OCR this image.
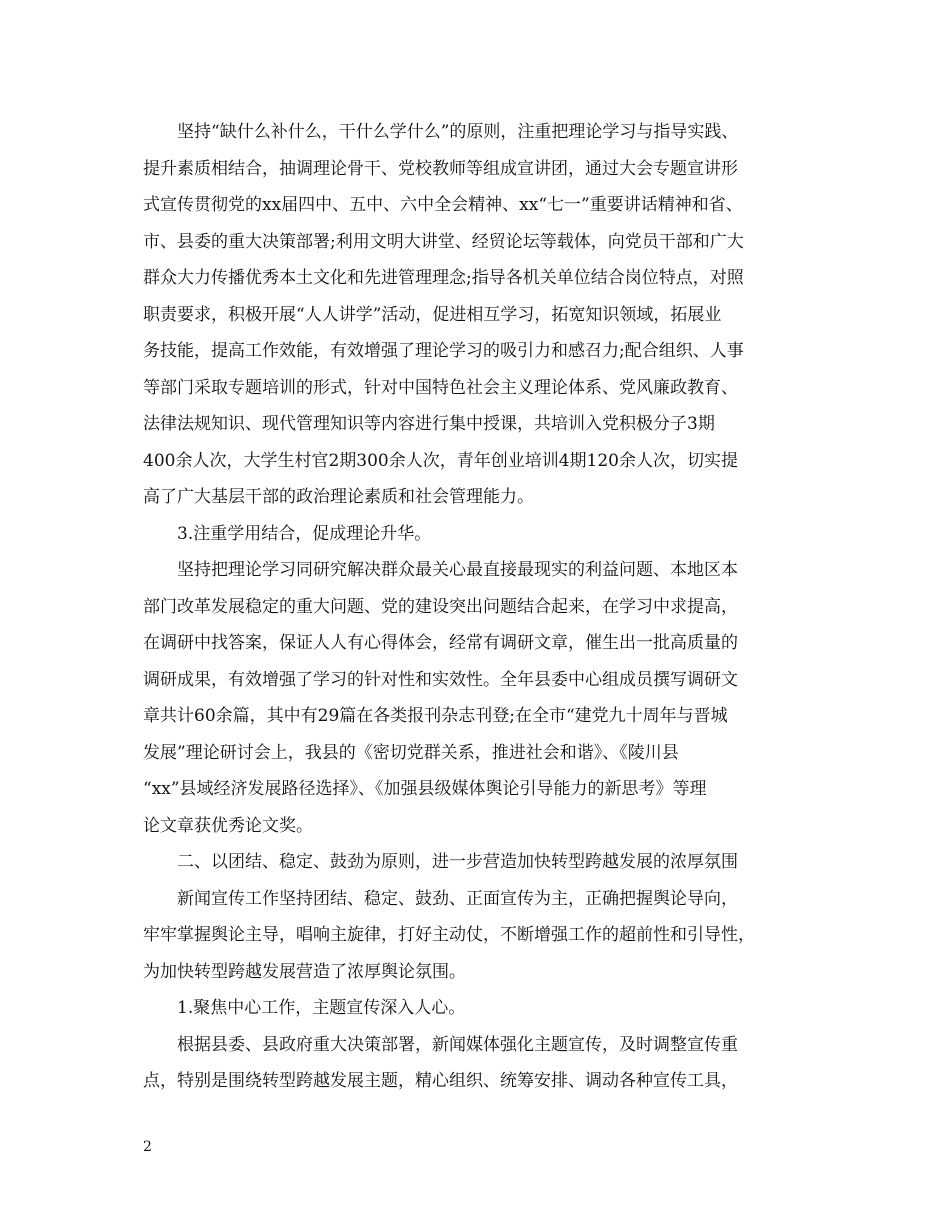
坚持“缺什么补什么，干什么学什么”的原则，注重把理论学习与指导实践、
提升素质相结合，抽调理论骨干、党校教师等组成宣讲团，通过大会专题宣讲形
式宣传贯彻党的xx届四中、五中、六中全会精神、xx“七一”重要讲话精神和省、
市、县委的重大决策部署;利用文明大讲堂、经贸论坛等载体，向党员干部和广大
群众大力传播优秀本土文化和先进管理理念;指导各机关单位结合岗位特点，对照
职责要求，积极开展“人人讲学”活动，促进相互学习，拓宽知识领域，拓展业
务技能，提高工作效能，有效增强了理论学习的吸引力和感召力;配合组织、人事
等部门采取专题培训的形式，针对中国特色社会主义理论体系、党风廉政教育、
法律法规知识、现代管理知识等内容进行集中授课，共培训入党积极分子3期
400余人次，大学生村官2期300余人次，青年创业培训4期120余人次，切实提
高了广大基层干部的政治理论素质和社会管理能力。
3.注重学用结合，促成理论升华。
坚持把理论学习同研究解决群众最关心最直接最现实的利益问题、本地区本
部门改革发展稳定的重大问题、党的建设突出问题结合起来，在学习中求提高，
在调研中找答案，保证人人有心得体会，经常有调研文章，催生出一批高质量的
调研成果，有效增强了学习的针对性和实效性。全年县委中心组成员撰写调研文
章共计60余篇，其中有29篇在各类报刊杂志刊登;在全市“建党九十周年与晋城
发展”理论研讨会上，我县的《密切党群关系，推进社会和谐》、《陵川县
“xx”县域经济发展路径选择》、《加强县级媒体舆论引导能力的新思考》等理
论文章获优秀论文奖。
二、以团结、稳定、鼓劲为原则，进一步营造加快转型跨越发展的浓厚氛围
新闻宣传工作坚持团结、稳定、鼓劲、正面宣传为主，正确把握舆论导向，
牢牢掌握舆论主导，唱响主旋律，打好主动仗，不断增强工作的超前性和引导性，
为加快转型跨越发展营造了浓厚舆论氛围。
1.聚焦中心工作，主题宣传深入人心。
根据县委、县政府重大决策部署，新闻媒体强化主题宣传，及时调整宣传重
点，特别是围绕转型跨越发展主题，精心组织、统筹安排、调动各种宣传工具，
2
